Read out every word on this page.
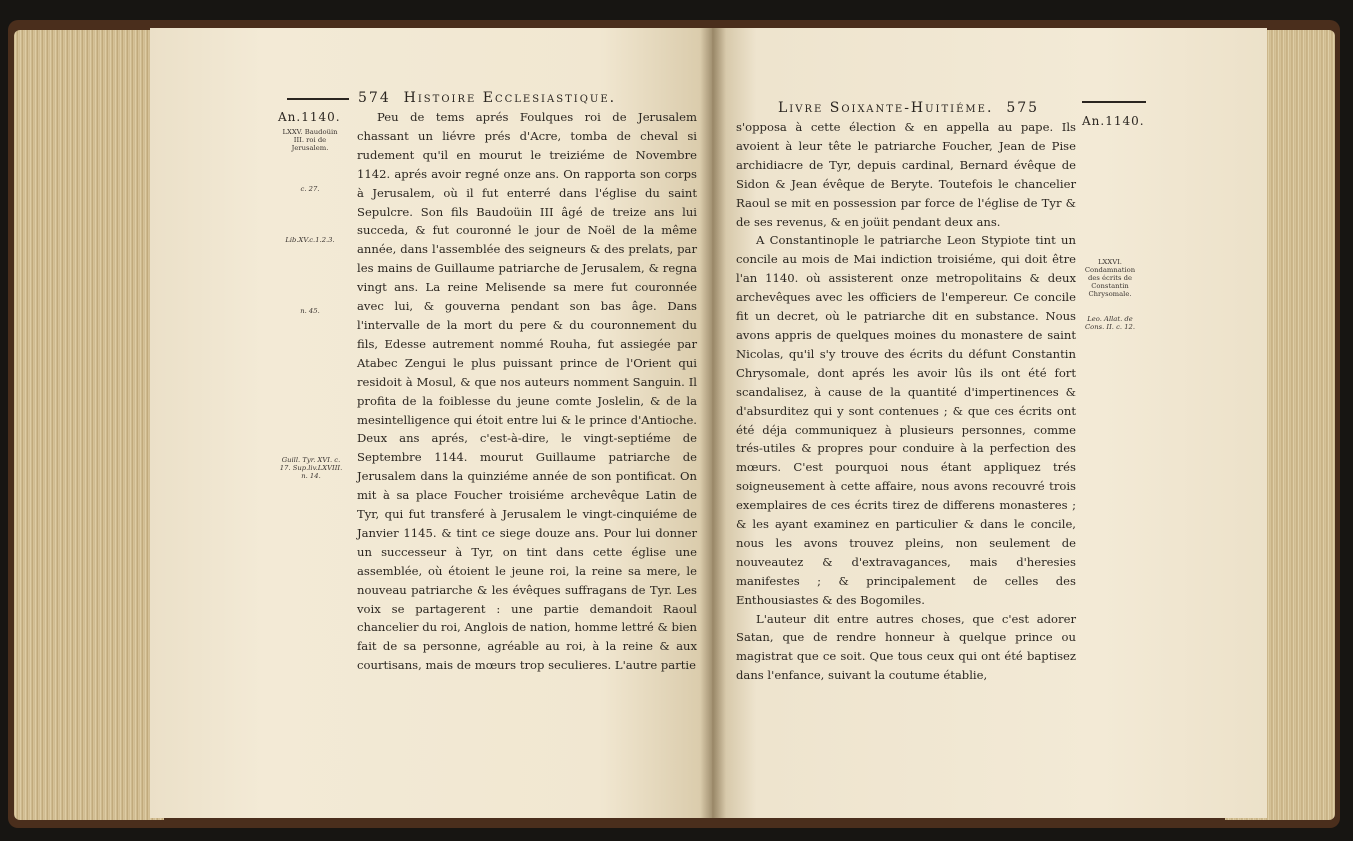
An.1140.
574 Histoire Ecclesiastique.
LXXV. Baudoüin III. roi de Jerusalem.
c. 27.
Lib.XV.c.1.2.3.
n. 45.
Guill. Tyr. XVI. c. 17. Sup.liv.LXVIII. n. 14.

Peu de tems aprés Foulques roi de Jerusalem chassant un liévre prés d'Acre, tomba de cheval si rudement qu'il en mourut le treiziéme de Novembre 1142. aprés avoir regné onze ans. On rapporta son corps à Jerusalem, où il fut enterré dans l'église du saint Sepulcre. Son fils Baudoüin III âgé de treize ans lui succeda, & fut couronné le jour de Noël de la même année, dans l'assemblée des seigneurs & des prelats, par les mains de Guillaume patriarche de Jerusalem, & regna vingt ans. La reine Melisende sa mere fut couronnée avec lui, & gouverna pendant son bas âge. Dans l'intervalle de la mort du pere & du couronnement du fils, Edesse autrement nommé Rouha, fut assiegée par Atabec Zengui le plus puissant prince de l'Orient qui residoit à Mosul, & que nos auteurs nomment Sanguin. Il profita de la foiblesse du jeune comte Joslelin, & de la mesintelligence qui étoit entre lui & le prince d'Antioche. Deux ans aprés, c'est-à-dire, le vingt-septiéme de Septembre 1144. mourut Guillaume patriarche de Jerusalem dans la quinziéme année de son pontificat. On mit à sa place Foucher troisiéme archevêque Latin de Tyr, qui fut transferé à Jerusalem le vingt-cinquiéme de Janvier 1145. & tint ce siege douze ans. Pour lui donner un successeur à Tyr, on tint dans cette église une assemblée, où étoient le jeune roi, la reine sa mere, le nouveau patriarche & les évêques suffragans de Tyr. Les voix se partagerent : une partie demandoit Raoul chancelier du roi, Anglois de nation, homme lettré & bien fait de sa personne, agréable au roi, à la reine & aux courtisans, mais de mœurs trop seculieres. L'autre partie

Livre Soixante-Huitiéme. 575
An.1140.
LXXVI. Condamnation des écrits de Constantin Chrysomale.
Leo. Allat. de Cons. II. c. 12.

s'opposa à cette élection & en appella au pape. Ils avoient à leur tête le patriarche Foucher, Jean de Pise archidiacre de Tyr, depuis cardinal, Bernard évêque de Sidon & Jean évêque de Beryte. Toutefois le chancelier Raoul se mit en possession par force de l'église de Tyr & de ses revenus, & en joüit pendant deux ans.

A Constantinople le patriarche Leon Stypiote tint un concile au mois de Mai indiction troisiéme, qui doit être l'an 1140. où assisterent onze metropolitains & deux archevêques avec les officiers de l'empereur. Ce concile fit un decret, où le patriarche dit en substance. Nous avons appris de quelques moines du monastere de saint Nicolas, qu'il s'y trouve des écrits du défunt Constantin Chrysomale, dont aprés les avoir lûs ils ont été fort scandalisez, à cause de la quantité d'impertinences & d'absurditez qui y sont contenues ; & que ces écrits ont été déja communiquez à plusieurs personnes, comme trés-utiles & propres pour conduire à la perfection des mœurs. C'est pourquoi nous étant appliquez trés soigneusement à cette affaire, nous avons recouvré trois exemplaires de ces écrits tirez de differens monasteres ; & les ayant examinez en particulier & dans le concile, nous les avons trouvez pleins, non seulement de nouveautez & d'extravagances, mais d'heresies manifestes ; & principalement de celles des Enthousiastes & des Bogomiles.

L'auteur dit entre autres choses, que c'est adorer Satan, que de rendre honneur à quelque prince ou magistrat que ce soit. Que tous ceux qui ont été baptisez dans l'enfance, suivant la coutume établie,
